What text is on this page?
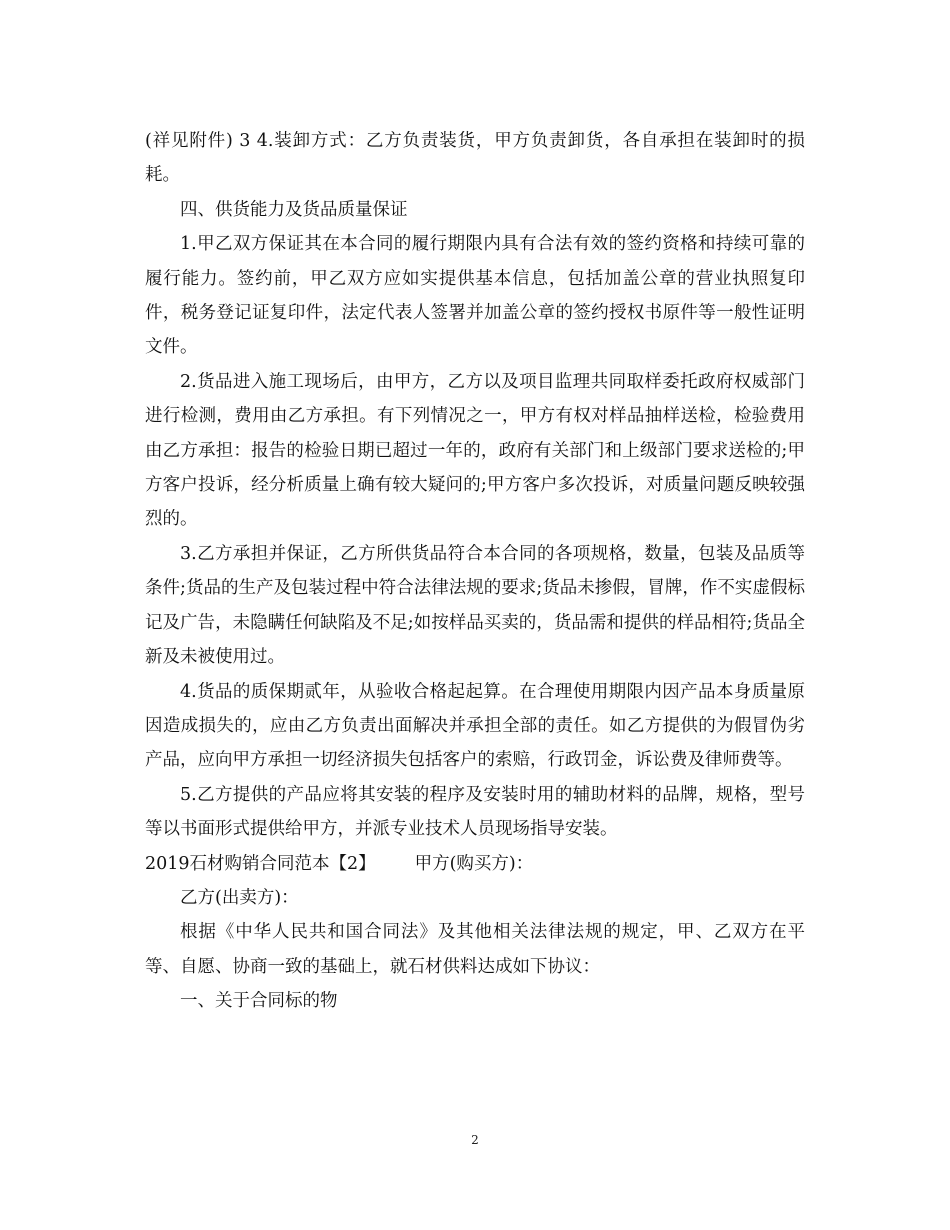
(祥见附件) 3 4.装卸方式：乙方负责装货，甲方负责卸货，各自承担在装卸时的损耗。

四、供货能力及货品质量保证

1.甲乙双方保证其在本合同的履行期限内具有合法有效的签约资格和持续可靠的履行能力。签约前，甲乙双方应如实提供基本信息，包括加盖公章的营业执照复印件，税务登记证复印件，法定代表人签署并加盖公章的签约授权书原件等一般性证明文件。

2.货品进入施工现场后，由甲方，乙方以及项目监理共同取样委托政府权威部门进行检测，费用由乙方承担。有下列情况之一，甲方有权对样品抽样送检，检验费用由乙方承担：报告的检验日期已超过一年的，政府有关部门和上级部门要求送检的;甲方客户投诉，经分析质量上确有较大疑问的;甲方客户多次投诉，对质量问题反映较强烈的。

3.乙方承担并保证，乙方所供货品符合本合同的各项规格，数量，包装及品质等条件;货品的生产及包装过程中符合法律法规的要求;货品未掺假，冒牌，作不实虚假标记及广告，未隐瞒任何缺陷及不足;如按样品买卖的，货品需和提供的样品相符;货品全新及未被使用过。

4.货品的质保期贰年，从验收合格起起算。在合理使用期限内因产品本身质量原因造成损失的，应由乙方负责出面解决并承担全部的责任。如乙方提供的为假冒伪劣产品，应向甲方承担一切经济损失包括客户的索赔，行政罚金，诉讼费及律师费等。

5.乙方提供的产品应将其安装的程序及安装时用的辅助材料的品牌，规格，型号等以书面形式提供给甲方，并派专业技术人员现场指导安装。

2019石材购销合同范本【2】       甲方(购买方)：

乙方(出卖方)：

根据《中华人民共和国合同法》及其他相关法律法规的规定，甲、乙双方在平等、自愿、协商一致的基础上，就石材供料达成如下协议：

一、关于合同标的物

2
